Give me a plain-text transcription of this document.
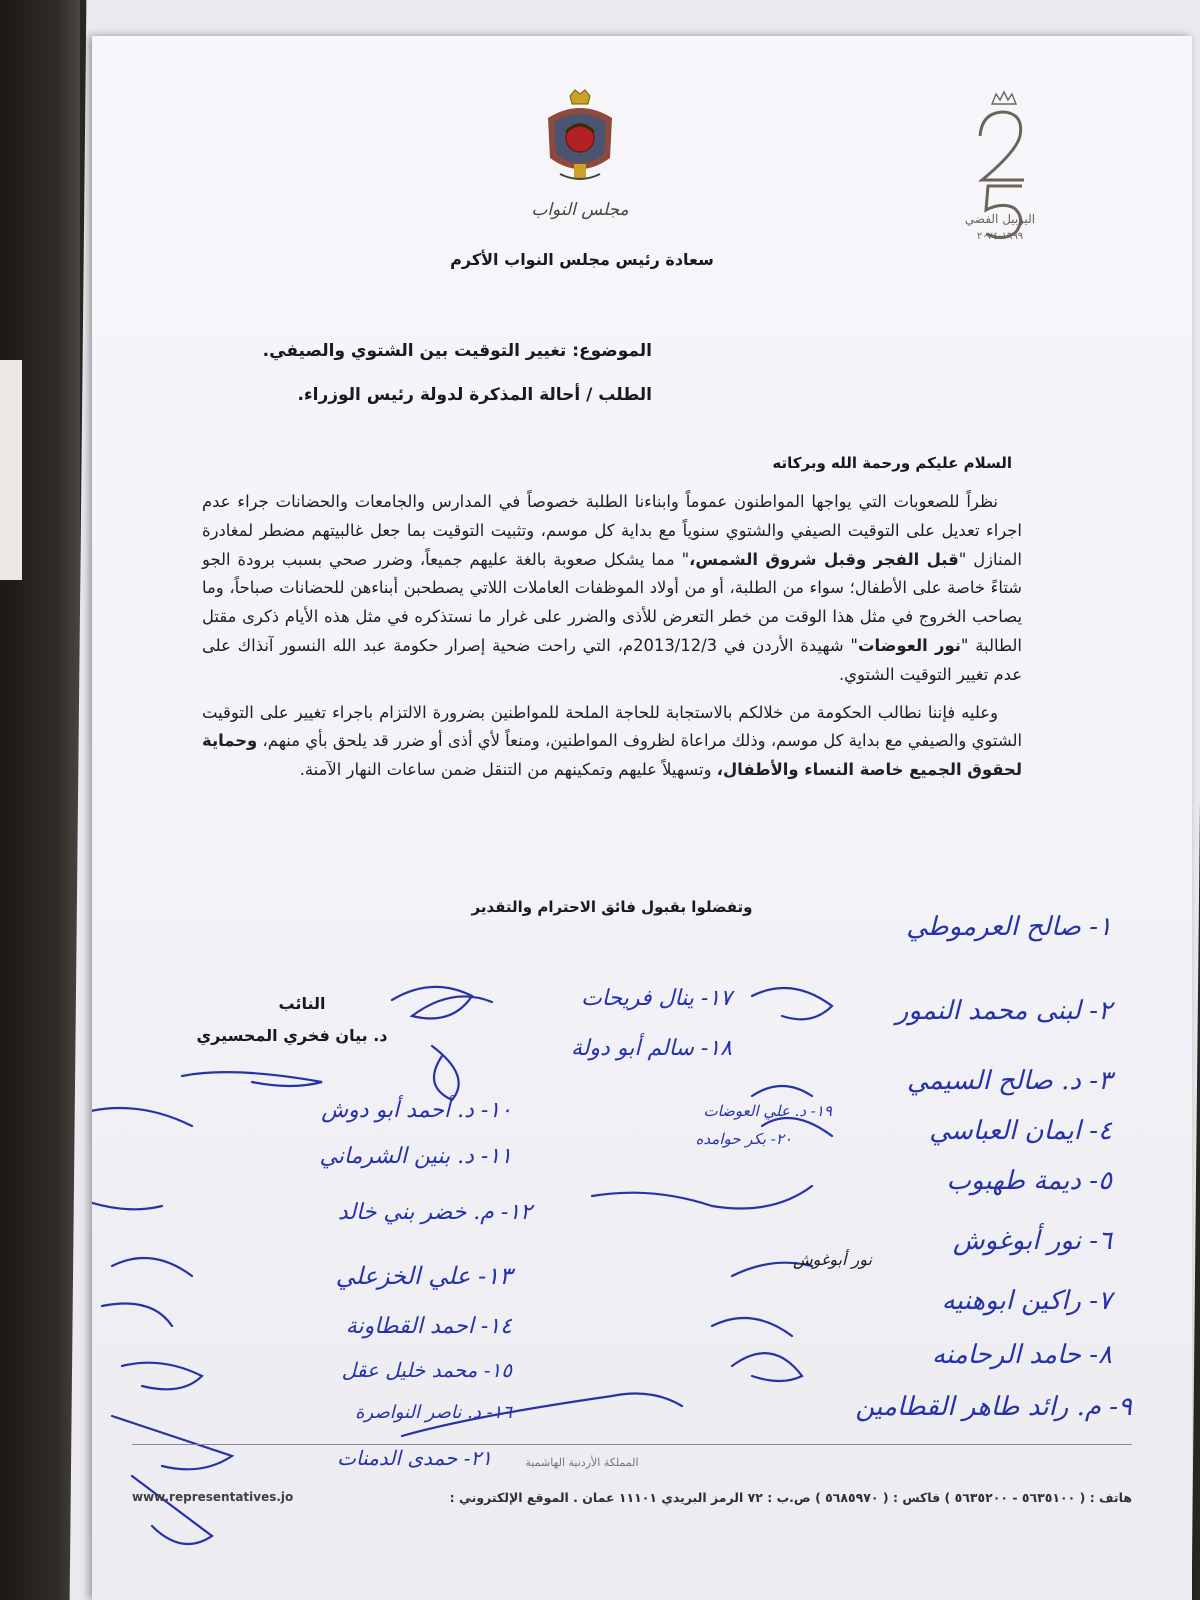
مجلس النواب	اليوبيل الفضي
١٩٩٩-٢٠٢٤
سعادة رئيس مجلس النواب الأكرم
الموضوع: تغيير التوقيت بين الشتوي والصيفي.
الطلب / أحالة المذكرة لدولة رئيس الوزراء.
السلام عليكم ورحمة الله وبركاته

نظراً للصعوبات التي يواجها المواطنون عموماً وابناءنا الطلبة خصوصاً في المدارس والجامعات والحضانات جراء عدم اجراء تعديل على التوقيت الصيفي والشتوي سنوياً مع بداية كل موسم، وتثبيت التوقيت بما جعل غالبيتهم مضطر لمغادرة المنازل "قبل الفجر وقبل شروق الشمس،" مما يشكل صعوبة بالغة عليهم جميعاً، وضرر صحي بسبب برودة الجو شتاءً خاصة على الأطفال؛ سواء من الطلبة، أو من أولاد الموظفات العاملات اللاتي يصطحبن أبناءهن للحضانات صباحاً، وما يصاحب الخروج في مثل هذا الوقت من خطر التعرض للأذى والضرر على غرار ما نستذكره في مثل هذه الأيام ذكرى مقتل الطالبة "نور العوضات" شهيدة الأردن في 2013/12/3م، التي راحت ضحية إصرار حكومة عبد الله النسور آنذاك على عدم تغيير التوقيت الشتوي.

وعليه فإننا نطالب الحكومة من خلالكم بالاستجابة للحاجة الملحة للمواطنين بضرورة الالتزام باجراء تغيير على التوقيت الشتوي والصيفي مع بداية كل موسم، وذلك مراعاة لظروف المواطنين، ومنعاً لأي أذى أو ضرر قد يلحق بأي منهم، وحماية لحقوق الجميع خاصة النساء والأطفال، وتسهيلاً عليهم وتمكينهم من التنقل ضمن ساعات النهار الآمنة.

وتفضلوا بقبول فائق الاحترام والتقدير
النائب
د. بيان فخري المحسيري
١- صالح العرموطي
٢- لبنى محمد النمور
٣- د. صالح السيمي
٤- ايمان العباسي
٥- ديمة طهبوب
٦- نور أبوغوش
٧- راكين ابوهنيه
٨- حامد الرحامنه
٩- م. رائد طاهر القطامين
١٠- د. أحمد أبو دوش
١١- د. بنين الشرماني
١٢- م. خضر بني خالد
١٣- علي الخزعلي
١٤- احمد القطاونة
١٥- محمد خليل عقل
١٦- د. ناصر النواصرة
١٧- ينال فريحات
١٨- سالم أبو دولة
١٩- د. علي العوضات
٢٠- بكر حوامده
٢١- حمدى الدمنات
نور أبوغوش
المملكة الأردنية الهاشمية
هاتف : ( ٥٦٣٥١٠٠ - ٥٦٣٥٢٠٠ ) فاكس : ( ٥٦٨٥٩٧٠ ) ص.ب : ٧٢ الرمز البريدي ١١١٠١ عمان . الموقع الإلكتروني :
www.representatives.jo
